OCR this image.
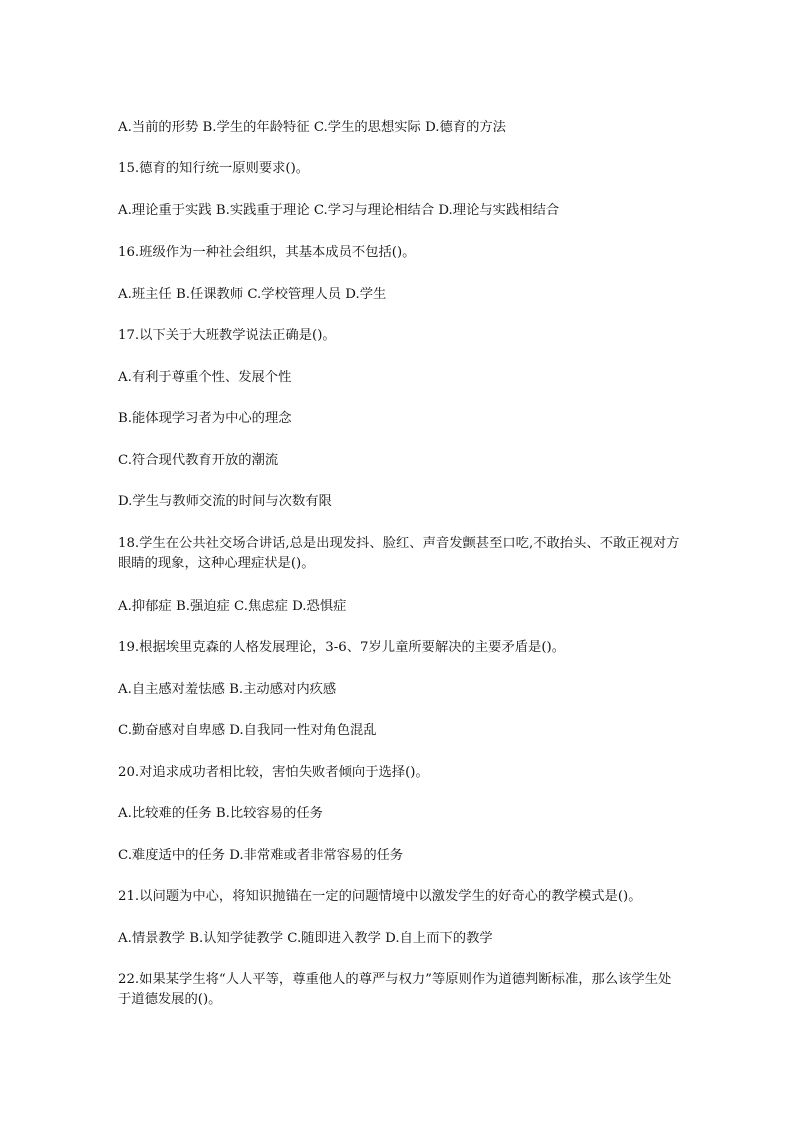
A.当前的形势 B.学生的年龄特征 C.学生的思想实际 D.德育的方法
15.德育的知行统一原则要求()。
A.理论重于实践 B.实践重于理论 C.学习与理论相结合 D.理论与实践相结合
16.班级作为一种社会组织，其基本成员不包括()。
A.班主任 B.任课教师 C.学校管理人员 D.学生
17.以下关于大班教学说法正确是()。
A.有利于尊重个性、发展个性
B.能体现学习者为中心的理念
C.符合现代教育开放的潮流
D.学生与教师交流的时间与次数有限
18.学生在公共社交场合讲话,总是出现发抖、脸红、声音发颤甚至口吃,不敢抬头、不敢正视对方眼睛的现象，这种心理症状是()。
A.抑郁症 B.强迫症 C.焦虑症 D.恐惧症
19.根据埃里克森的人格发展理论，3-6、7岁儿童所要解决的主要矛盾是()。
A.自主感对羞怯感 B.主动感对内疚感
C.勤奋感对自卑感 D.自我同一性对角色混乱
20.对追求成功者相比较，害怕失败者倾向于选择()。
A.比较难的任务 B.比较容易的任务
C.难度适中的任务 D.非常难或者非常容易的任务
21.以问题为中心，将知识抛锚在一定的问题情境中以激发学生的好奇心的教学模式是()。
A.情景教学 B.认知学徒教学 C.随即进入教学 D.自上而下的教学
22.如果某学生将“人人平等，尊重他人的尊严与权力”等原则作为道德判断标准，那么该学生处于道德发展的()。
